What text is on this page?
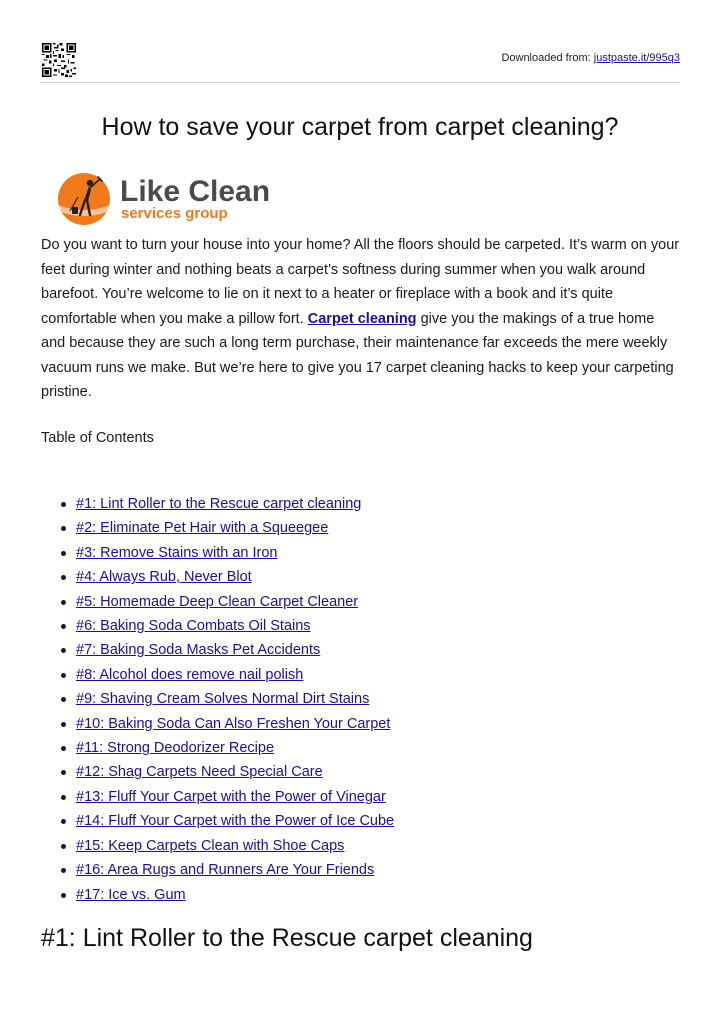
Downloaded from: justpaste.it/995q3
How to save your carpet from carpet cleaning?
Like Clean
services group

Do you want to turn your house into your home? All the floors should be carpeted. It’s warm on your feet during winter and nothing beats a carpet’s softness during summer when you walk around barefoot. You’re welcome to lie on it next to a heater or fireplace with a book and it’s quite comfortable when you make a pillow fort. Carpet cleaning give you the makings of a true home and because they are such a long term purchase, their maintenance far exceeds the mere weekly vacuum runs we make. But we’re here to give you 17 carpet cleaning hacks to keep your carpeting pristine.

Table of Contents
#1: Lint Roller to the Rescue carpet cleaning
#2: Eliminate Pet Hair with a Squeegee
#3: Remove Stains with an Iron
#4: Always Rub, Never Blot
#5: Homemade Deep Clean Carpet Cleaner
#6: Baking Soda Combats Oil Stains
#7: Baking Soda Masks Pet Accidents
#8: Alcohol does remove nail polish
#9: Shaving Cream Solves Normal Dirt Stains
#10: Baking Soda Can Also Freshen Your Carpet
#11: Strong Deodorizer Recipe
#12: Shag Carpets Need Special Care
#13: Fluff Your Carpet with the Power of Vinegar
#14: Fluff Your Carpet with the Power of Ice Cube
#15: Keep Carpets Clean with Shoe Caps
#16: Area Rugs and Runners Are Your Friends
#17: Ice vs. Gum
#1: Lint Roller to the Rescue carpet cleaning
